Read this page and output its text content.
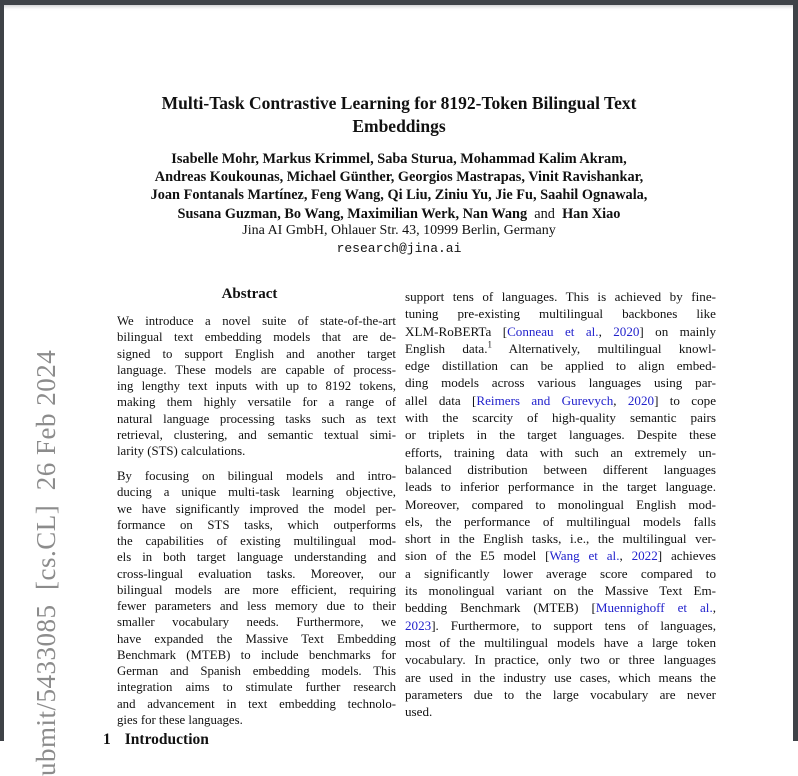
ubmit/5433085  [cs.CL]  26 Feb 2024
Multi-Task Contrastive Learning for 8192-Token Bilingual Text
Embeddings
Isabelle Mohr, Markus Krimmel, Saba Sturua, Mohammad Kalim Akram,
Andreas Koukounas, Michael Günther, Georgios Mastrapas, Vinit Ravishankar,
Joan Fontanals Martínez, Feng Wang, Qi Liu, Ziniu Yu, Jie Fu, Saahil Ognawala,
Susana Guzman, Bo Wang, Maximilian Werk, Nan Wang and Han Xiao
Jina AI GmbH, Ohlauer Str. 43, 10999 Berlin, Germany
research@jina.ai
Abstract
We introduce a novel suite of state-of-the-art
bilingual text embedding models that are de-
signed to support English and another target
language. These models are capable of process-
ing lengthy text inputs with up to 8192 tokens,
making them highly versatile for a range of
natural language processing tasks such as text
retrieval, clustering, and semantic textual simi-
larity (STS) calculations.
By focusing on bilingual models and intro-
ducing a unique multi-task learning objective,
we have significantly improved the model per-
formance on STS tasks, which outperforms
the capabilities of existing multilingual mod-
els in both target language understanding and
cross-lingual evaluation tasks. Moreover, our
bilingual models are more efficient, requiring
fewer parameters and less memory due to their
smaller vocabulary needs. Furthermore, we
have expanded the Massive Text Embedding
Benchmark (MTEB) to include benchmarks for
German and Spanish embedding models. This
integration aims to stimulate further research
and advancement in text embedding technolo-
gies for these languages.
1 Introduction
support tens of languages. This is achieved by fine-
tuning pre-existing multilingual backbones like
XLM-RoBERTa [Conneau et al., 2020] on mainly
English data.$^1$ Alternatively, multilingual knowl-
edge distillation can be applied to align embed-
ding models across various languages using par-
allel data [Reimers and Gurevych, 2020] to cope
with the scarcity of high-quality semantic pairs
or triplets in the target languages. Despite these
efforts, training data with such an extremely un-
balanced distribution between different languages
leads to inferior performance in the target language.
Moreover, compared to monolingual English mod-
els, the performance of multilingual models falls
short in the English tasks, i.e., the multilingual ver-
sion of the E5 model [Wang et al., 2022] achieves
a significantly lower average score compared to
its monolingual variant on the Massive Text Em-
bedding Benchmark (MTEB) [Muennighoff et al.,
2023]. Furthermore, to support tens of languages,
most of the multilingual models have a large token
vocabulary. In practice, only two or three languages
are used in the industry use cases, which means the
parameters due to the large vocabulary are never
used.
